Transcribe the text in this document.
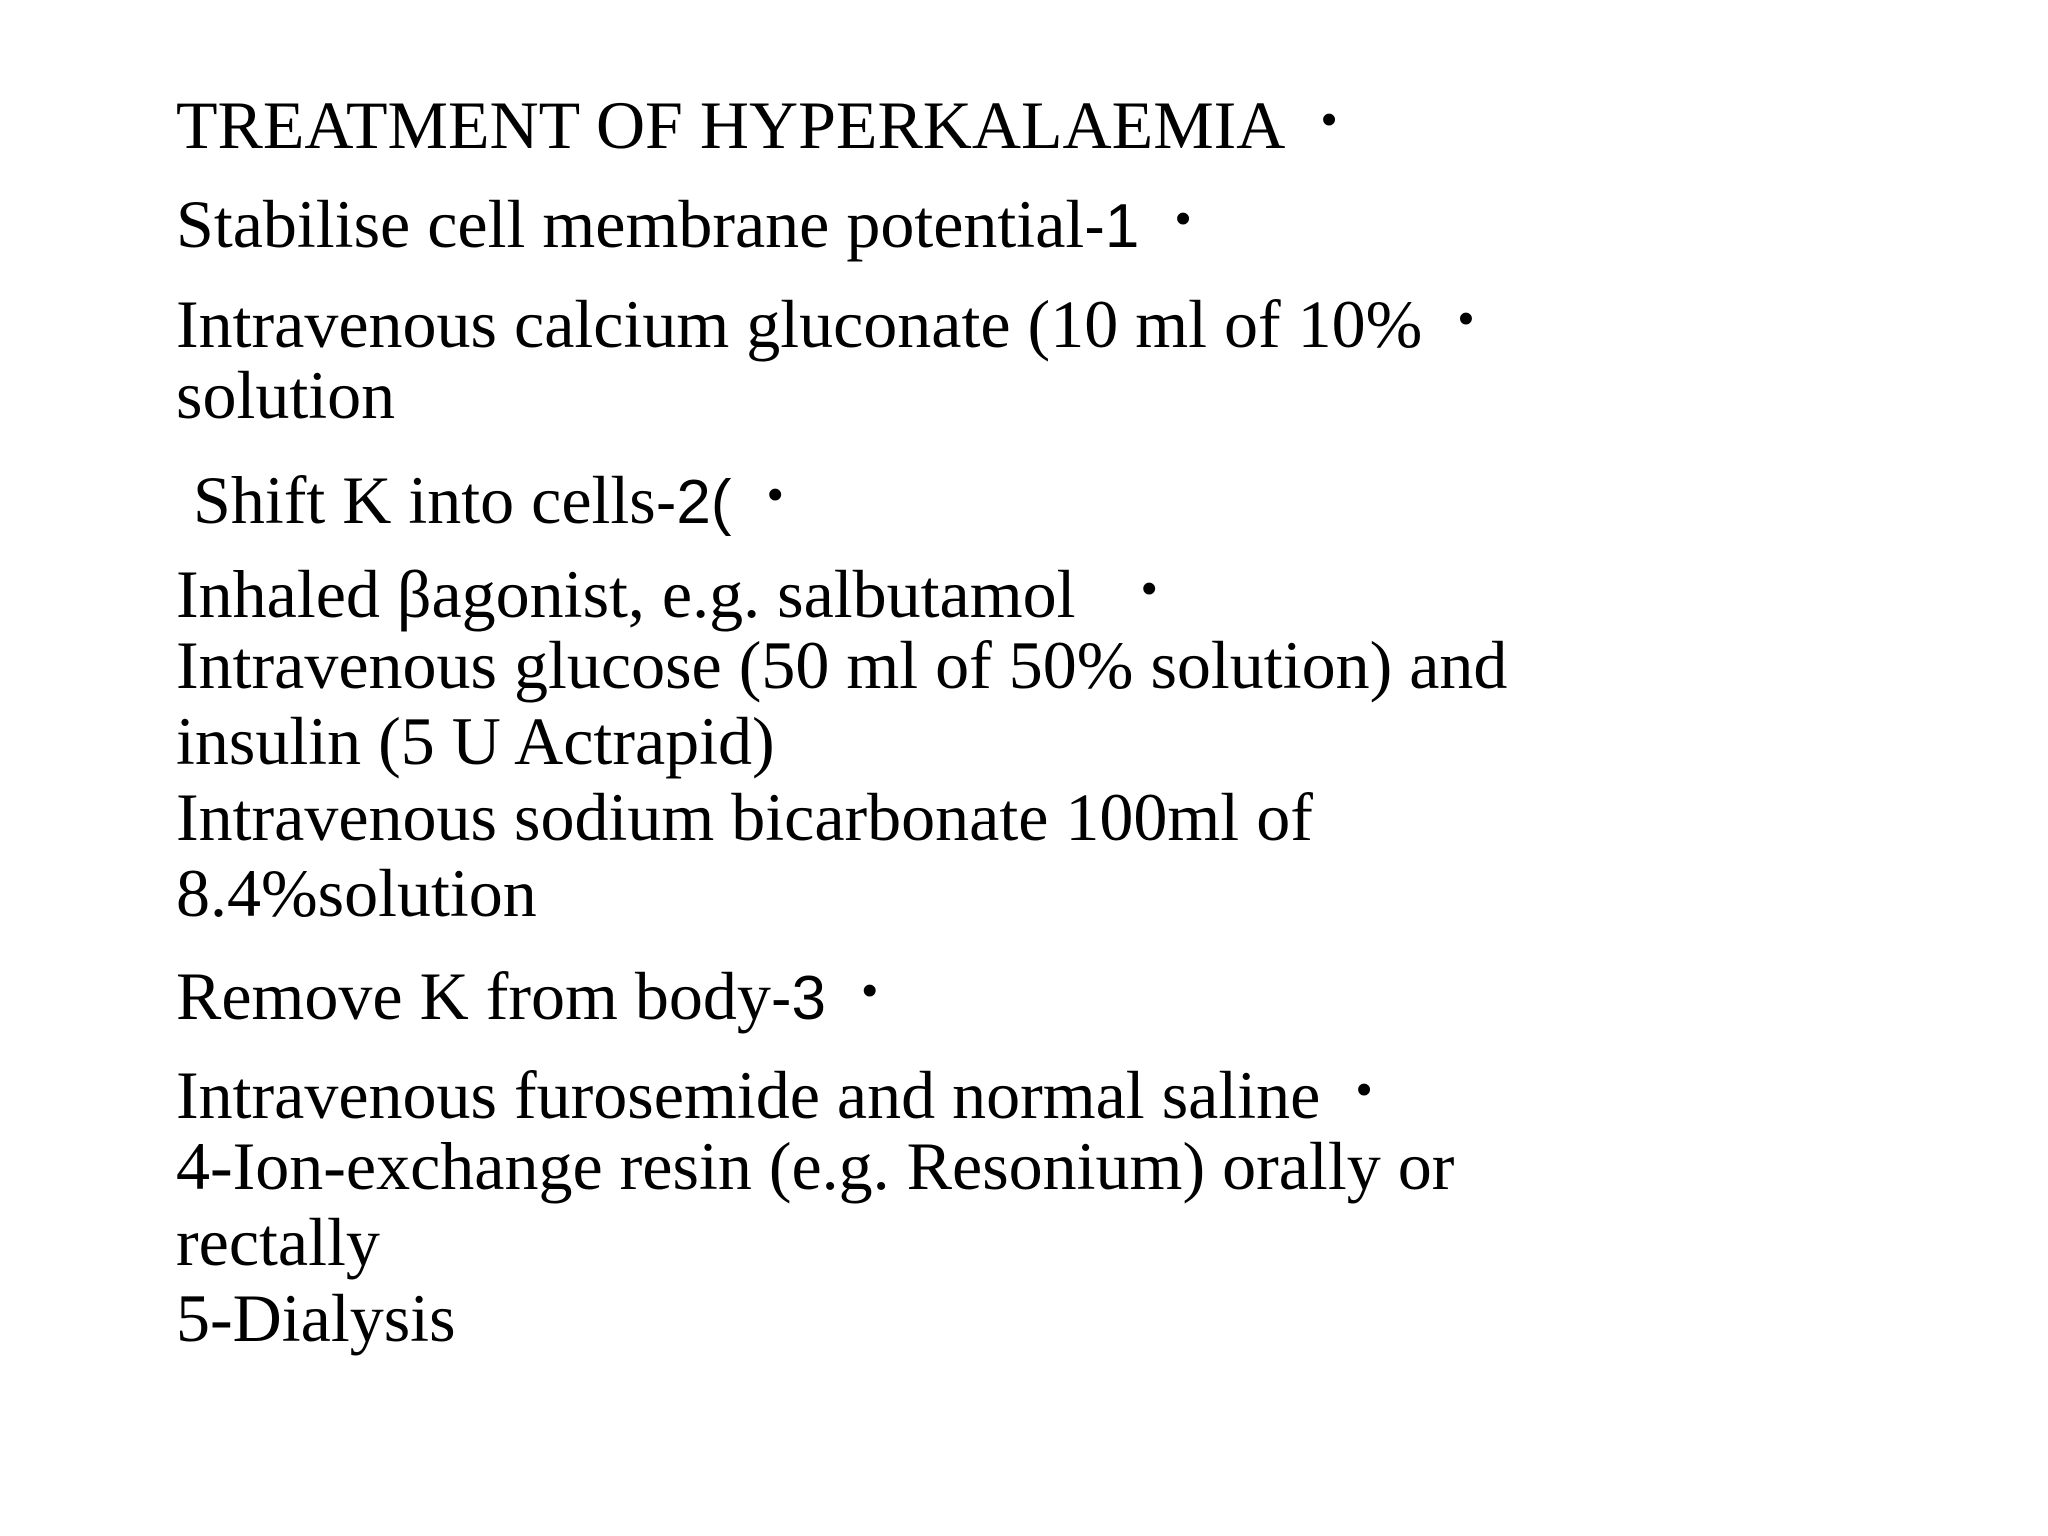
TREATMENT OF HYPERKALAEMIA •
Stabilise cell membrane potential-1 •
Intravenous calcium gluconate (10 ml of 10% •
solution
Shift K into cells-2( •
Inhaled βagonist, e.g. salbutamol •
Intravenous glucose (50 ml of 50% solution) and
insulin (5 U Actrapid)
Intravenous sodium bicarbonate 100ml of
8.4%solution
Remove K from body-3 •
Intravenous furosemide and normal saline •
4-Ion-exchange resin (e.g. Resonium) orally or
rectally
5-Dialysis
